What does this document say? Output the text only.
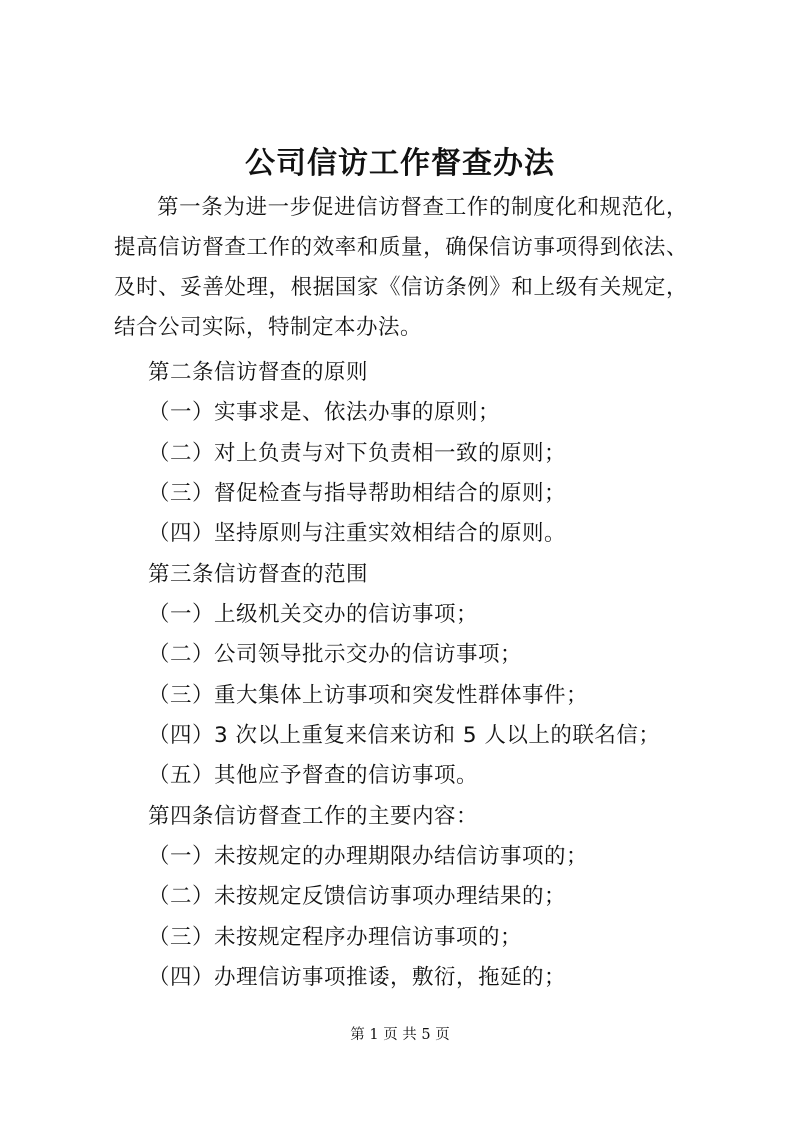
公司信访工作督查办法
第一条为进一步促进信访督查工作的制度化和规范化，提高信访督查工作的效率和质量，确保信访事项得到依法、及时、妥善处理，根据国家《信访条例》和上级有关规定，结合公司实际，特制定本办法。
第二条信访督查的原则
（一）实事求是、依法办事的原则；
（二）对上负责与对下负责相一致的原则；
（三）督促检查与指导帮助相结合的原则；
（四）坚持原则与注重实效相结合的原则。
第三条信访督查的范围
（一）上级机关交办的信访事项；
（二）公司领导批示交办的信访事项；
（三）重大集体上访事项和突发性群体事件；
（四）3 次以上重复来信来访和 5 人以上的联名信；
（五）其他应予督查的信访事项。
第四条信访督查工作的主要内容：
（一）未按规定的办理期限办结信访事项的；
（二）未按规定反馈信访事项办理结果的；
（三）未按规定程序办理信访事项的；
（四）办理信访事项推诿，敷衍，拖延的；
第 1 页 共 5 页
